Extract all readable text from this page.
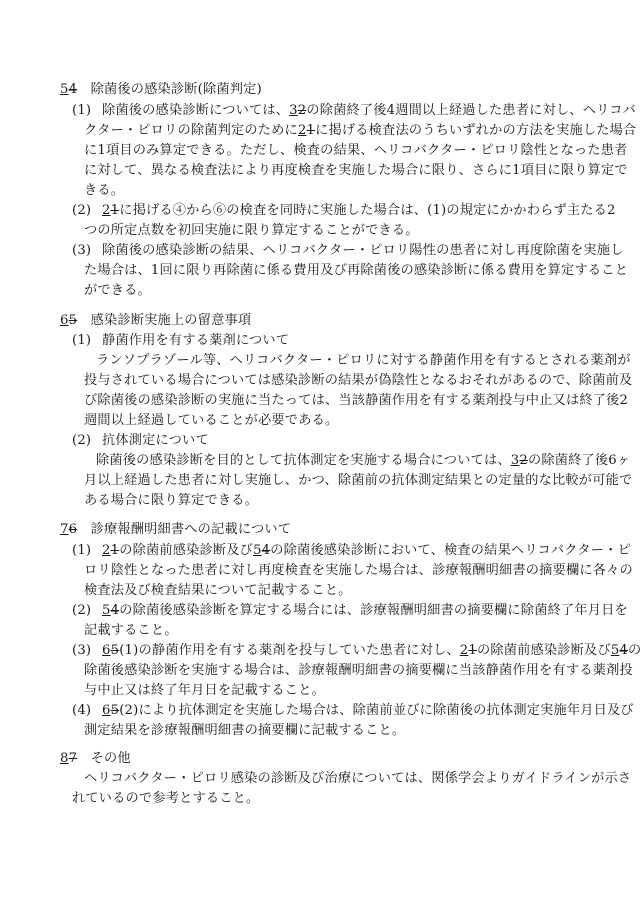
54　 除菌後の感染診断(除菌判定)
(1) 除菌後の感染診断については、32の除菌終了後4週間以上経過した患者に対し、ヘリコバ
クター・ピロリの除菌判定のために21に掲げる検査法のうちいずれかの方法を実施した場合
に1項目のみ算定できる。ただし、検査の結果、ヘリコバクター・ピロリ陰性となった患者
に対して、異なる検査法により再度検査を実施した場合に限り、さらに1項目に限り算定で
きる。
(2) 21に掲げる④から⑥の検査を同時に実施した場合は、(1)の規定にかかわらず主たる2
つの所定点数を初回実施に限り算定することができる。
(3) 除菌後の感染診断の結果、ヘリコバクター・ピロリ陽性の患者に対し再度除菌を実施し
た場合は、1回に限り再除菌に係る費用及び再除菌後の感染診断に係る費用を算定すること
ができる。
65　 感染診断実施上の留意事項
(1) 静菌作用を有する薬剤について
ランソプラゾール等、ヘリコバクター・ピロリに対する静菌作用を有するとされる薬剤が
投与されている場合については感染診断の結果が偽陰性となるおそれがあるので、除菌前及
び除菌後の感染診断の実施に当たっては、当該静菌作用を有する薬剤投与中止又は終了後2
週間以上経過していることが必要である。
(2) 抗体測定について
除菌後の感染診断を目的として抗体測定を実施する場合については、32の除菌終了後6ヶ
月以上経過した患者に対し実施し、かつ、除菌前の抗体測定結果との定量的な比較が可能で
ある場合に限り算定できる。
76　 診療報酬明細書への記載について
(1) 21の除菌前感染診断及び54の除菌後感染診断において、検査の結果ヘリコバクター・ピ
ロリ陰性となった患者に対し再度検査を実施した場合は、診療報酬明細書の摘要欄に各々の
検査法及び検査結果について記載すること。
(2) 54の除菌後感染診断を算定する場合には、診療報酬明細書の摘要欄に除菌終了年月日を
記載すること。
(3) 65(1)の静菌作用を有する薬剤を投与していた患者に対し、21の除菌前感染診断及び54の
除菌後感染診断を実施する場合は、診療報酬明細書の摘要欄に当該静菌作用を有する薬剤投
与中止又は終了年月日を記載すること。
(4) 65(2)により抗体測定を実施した場合は、除菌前並びに除菌後の抗体測定実施年月日及び
測定結果を診療報酬明細書の摘要欄に記載すること。
87　 その他
ヘリコバクター・ピロリ感染の診断及び治療については、関係学会よりガイドラインが示さ
れているので参考とすること。
